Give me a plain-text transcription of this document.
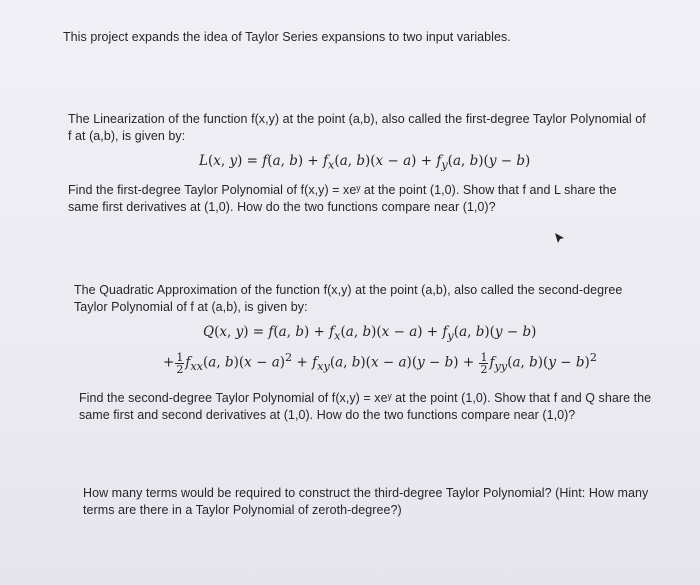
This project expands the idea of Taylor Series expansions to two input variables.

The Linearization of the function f(x,y) at the point (a,b), also called the first-degree Taylor Polynomial of

f at (a,b), is given by:

L(x, y) = f(a, $b) + f_x(a$, $b)(x - a) + f_y(a$, b)(y − b)

Find the first-degree Taylor Polynomial of f(x,y) = xeʸ at the point (1,0). Show that f and L share the

same first derivatives at (1,0). How do the two functions compare near (1,0)?

The Quadratic Approximation of the function f(x,y) at the point (a,b), also called the second-degree

Taylor Polynomial of f at (a,b), is given by:

Q(x, y) = f(a, $b) + f_x(a$, $b)(x - a) + f_y(a$, b)(y − b)
+ $\frac{1}{2} f_{xx}(a$, $b)(x - a)^2 + f_{xy}(a$, $b)(x - a)(y - b) + \frac{1}{2} f_{yy}(a$, $b)(y - b)^2$

Find the second-degree Taylor Polynomial of f(x,y) = xeʸ at the point (1,0). Show that f and Q share the

same first and second derivatives at (1,0). How do the two functions compare near (1,0)?

How many terms would be required to construct the third-degree Taylor Polynomial? (Hint: How many

terms are there in a Taylor Polynomial of zeroth-degree?)
